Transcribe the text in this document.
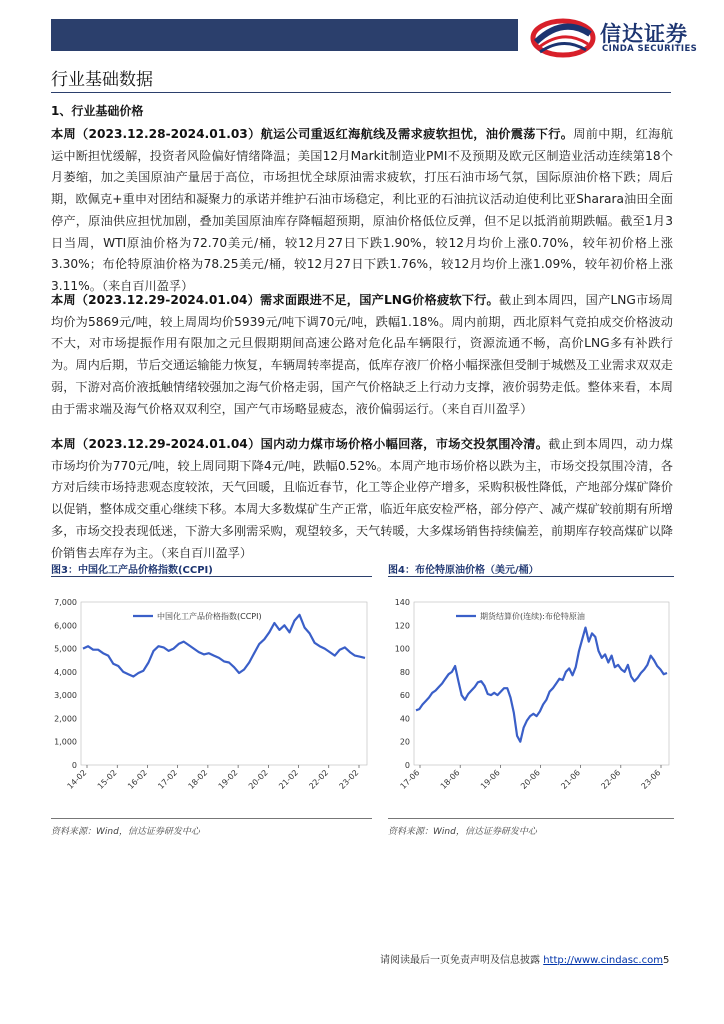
信达证券
CINDA SECURITIES
行业基础数据
1、行业基础价格
本周（2023.12.28-2024.01.03）航运公司重返红海航线及需求疲软担忧，油价震荡下行。周前中期，红海航运中断担忧缓解，投资者风险偏好情绪降温；美国12月Markit制造业PMI不及预期及欧元区制造业活动连续第18个月萎缩，加之美国原油产量居于高位，市场担忧全球原油需求疲软，打压石油市场气氛，国际原油价格下跌；周后期，欧佩克+重申对团结和凝聚力的承诺并维护石油市场稳定，利比亚的石油抗议活动迫使利比亚Sharara油田全面停产，原油供应担忧加剧，叠加美国原油库存降幅超预期，原油价格低位反弹，但不足以抵消前期跌幅。截至1月3日当周，WTI原油价格为72.70美元/桶，较12月27日下跌1.90%，较12月均价上涨0.70%，较年初价格上涨3.30%；布伦特原油价格为78.25美元/桶，较12月27日下跌1.76%，较12月均价上涨1.09%，较年初价格上涨3.11%。（来自百川盈孚）
本周（2023.12.29-2024.01.04）需求面跟进不足，国产LNG价格疲软下行。截止到本周四，国产LNG市场周均价为5869元/吨，较上周周均价5939元/吨下调70元/吨，跌幅1.18%。周内前期，西北原料气竞拍成交价格波动不大，对市场提振作用有限加之元旦假期期间高速公路对危化品车辆限行，资源流通不畅，高价LNG多有补跌行为。周内后期，节后交通运输能力恢复，车辆周转率提高，低库存液厂价格小幅探涨但受制于城燃及工业需求双双走弱，下游对高价液抵触情绪较强加之海气价格走弱，国产气价格缺乏上行动力支撑，液价弱势走低。整体来看，本周由于需求端及海气价格双双利空，国产气市场略显疲态，液价偏弱运行。（来自百川盈孚）
本周（2023.12.29-2024.01.04）国内动力煤市场价格小幅回落，市场交投氛围冷清。截止到本周四，动力煤市场均价为770元/吨，较上周同期下降4元/吨，跌幅0.52%。本周产地市场价格以跌为主，市场交投氛围冷清，各方对后续市场持悲观态度较浓，天气回暖，且临近春节，化工等企业停产增多，采购积极性降低，产地部分煤矿降价以促销，整体成交重心继续下移。本周大多数煤矿生产正常，临近年底安检严格，部分停产、减产煤矿较前期有所增多，市场交投表现低迷，下游大多刚需采购，观望较多，天气转暖，大多煤场销售持续偏差，前期库存较高煤矿以降价销售去库存为主。（来自百川盈孚）
图3：中国化工产品价格指数(CCPI)	图4：布伦特原油价格（美元/桶）
0
1,000
2,000
3,000
4,000
5,000
6,000
7,000
14-02 15-02 16-02 17-02 18-02 19-02 20-02 21-02 22-02 23-02
中国化工产品价格指数(CCPI)
0
20
40
60
80
100
120
140
17-06 18-06 19-06 20-06 21-06 22-06 23-06
期货结算价(连续):布伦特原油
资料来源：Wind，信达证券研发中心	资料来源：Wind，信达证券研发中心
请阅读最后一页免责声明及信息披露 http://www.cindasc.com5
